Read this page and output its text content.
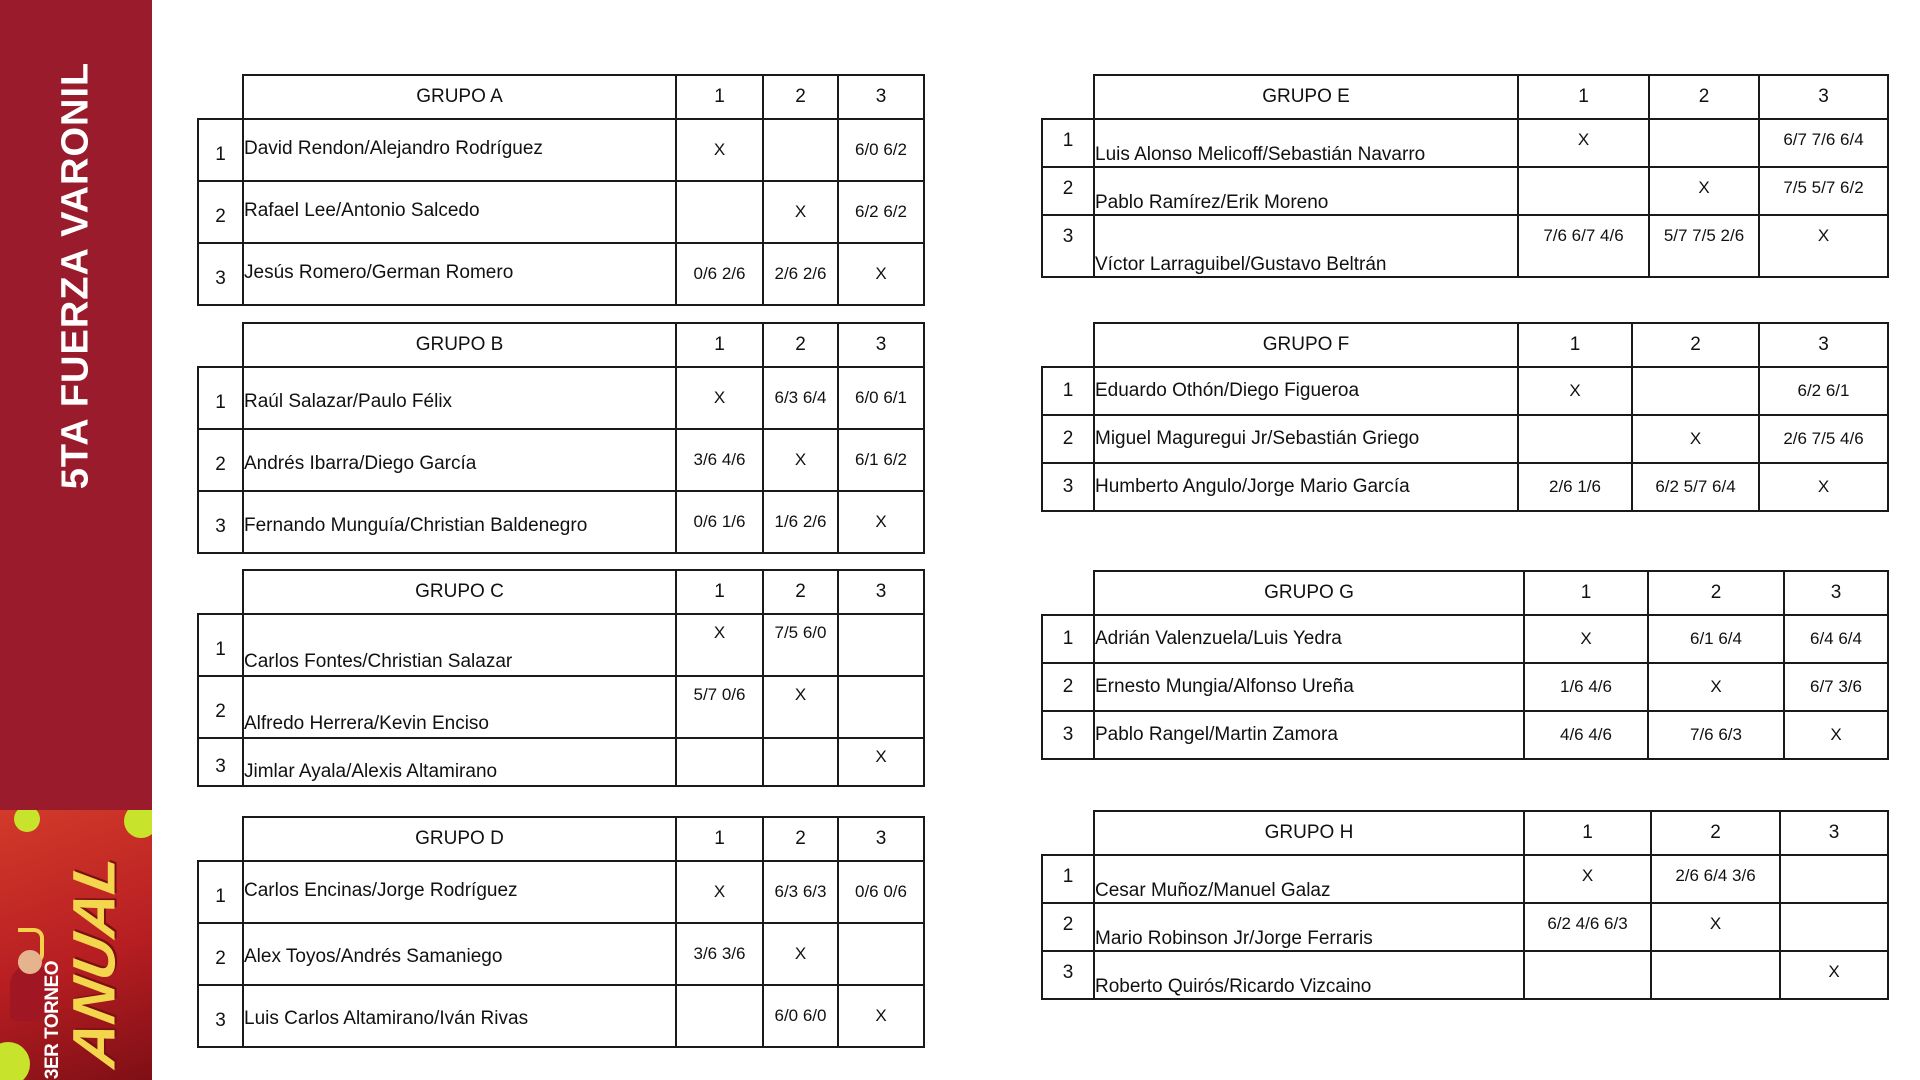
5TA FUERZA VARONIL
3ER TORNEO
ANUAL
	GRUPO A	1	2	3
1	David Rendon/Alejandro Rodríguez	X		6/0 6/2
2	Rafael Lee/Antonio Salcedo		X	6/2 6/2
3	Jesús Romero/German Romero	0/6 2/6	2/6 2/6	X
	GRUPO B	1	2	3
1	Raúl Salazar/Paulo Félix	X	6/3 6/4	6/0 6/1
2	Andrés Ibarra/Diego García	3/6 4/6	X	6/1 6/2
3	Fernando Munguía/Christian Baldenegro	0/6 1/6	1/6 2/6	X
	GRUPO C	1	2	3
1	Carlos Fontes/Christian Salazar	X	7/5 6/0	
2	Alfredo Herrera/Kevin Enciso	5/7 0/6	X	
3	Jimlar Ayala/Alexis Altamirano			X
	GRUPO D	1	2	3
1	Carlos Encinas/Jorge Rodríguez	X	6/3 6/3	0/6 0/6
2	Alex Toyos/Andrés Samaniego	3/6 3/6	X	
3	Luis Carlos Altamirano/Iván Rivas		6/0 6/0	X
	GRUPO E	1	2	3
1	Luis Alonso Melicoff/Sebastián Navarro	X		6/7 7/6 6/4
2	Pablo Ramírez/Erik Moreno		X	7/5 5/7 6/2
3	Víctor Larraguibel/Gustavo Beltrán	7/6 6/7 4/6	5/7 7/5 2/6	X
	GRUPO F	1	2	3
1	Eduardo Othón/Diego Figueroa	X		6/2 6/1
2	Miguel Maguregui Jr/Sebastián Griego		X	2/6 7/5 4/6
3	Humberto Angulo/Jorge Mario García	2/6 1/6	6/2 5/7 6/4	X
	GRUPO G	1	2	3
1	Adrián Valenzuela/Luis Yedra	X	6/1 6/4	6/4 6/4
2	Ernesto Mungia/Alfonso Ureña	1/6 4/6	X	6/7 3/6
3	Pablo Rangel/Martin Zamora	4/6 4/6	7/6 6/3	X
	GRUPO H	1	2	3
1	Cesar Muñoz/Manuel Galaz	X	2/6 6/4 3/6	
2	Mario Robinson Jr/Jorge Ferraris	6/2 4/6 6/3	X	
3	Roberto Quirós/Ricardo Vizcaino			X
